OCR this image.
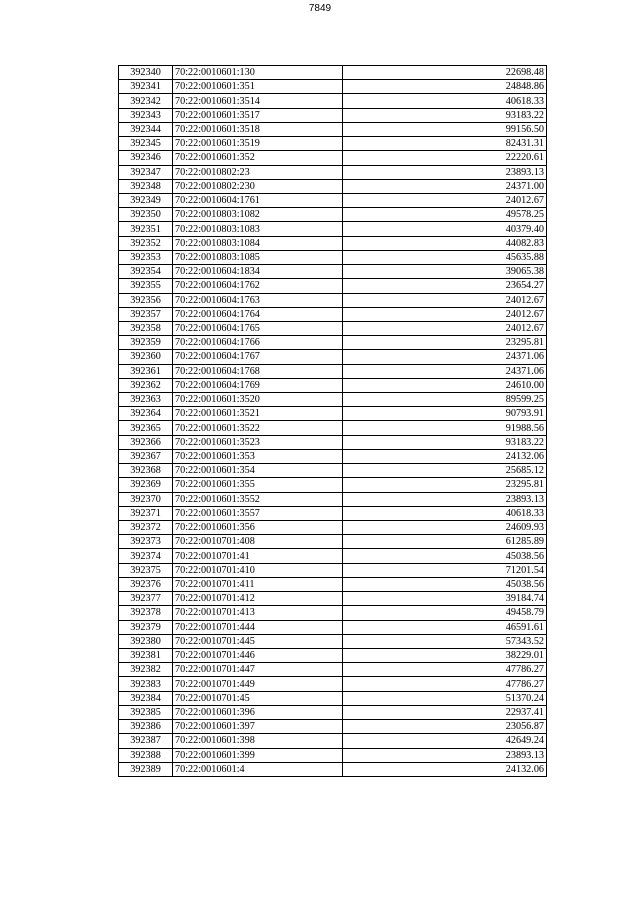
7849
392340	70:22:0010601:130	22698.48
392341	70:22:0010601:351	24848.86
392342	70:22:0010601:3514	40618.33
392343	70:22:0010601:3517	93183.22
392344	70:22:0010601:3518	99156.50
392345	70:22:0010601:3519	82431.31
392346	70:22:0010601:352	22220.61
392347	70:22:0010802:23	23893.13
392348	70:22:0010802:230	24371.00
392349	70:22:0010604:1761	24012.67
392350	70:22:0010803:1082	49578.25
392351	70:22:0010803:1083	40379.40
392352	70:22:0010803:1084	44082.83
392353	70:22:0010803:1085	45635.88
392354	70:22:0010604:1834	39065.38
392355	70:22:0010604:1762	23654.27
392356	70:22:0010604:1763	24012.67
392357	70:22:0010604:1764	24012.67
392358	70:22:0010604:1765	24012.67
392359	70:22:0010604:1766	23295.81
392360	70:22:0010604:1767	24371.06
392361	70:22:0010604:1768	24371.06
392362	70:22:0010604:1769	24610.00
392363	70:22:0010601:3520	89599.25
392364	70:22:0010601:3521	90793.91
392365	70:22:0010601:3522	91988.56
392366	70:22:0010601:3523	93183.22
392367	70:22:0010601:353	24132.06
392368	70:22:0010601:354	25685.12
392369	70:22:0010601:355	23295.81
392370	70:22:0010601:3552	23893.13
392371	70:22:0010601:3557	40618.33
392372	70:22:0010601:356	24609.93
392373	70:22:0010701:408	61285.89
392374	70:22:0010701:41	45038.56
392375	70:22:0010701:410	71201.54
392376	70:22:0010701:411	45038.56
392377	70:22:0010701:412	39184.74
392378	70:22:0010701:413	49458.79
392379	70:22:0010701:444	46591.61
392380	70:22:0010701:445	57343.52
392381	70:22:0010701:446	38229.01
392382	70:22:0010701:447	47786.27
392383	70:22:0010701:449	47786.27
392384	70:22:0010701:45	51370.24
392385	70:22:0010601:396	22937.41
392386	70:22:0010601:397	23056.87
392387	70:22:0010601:398	42649.24
392388	70:22:0010601:399	23893.13
392389	70:22:0010601:4	24132.06
